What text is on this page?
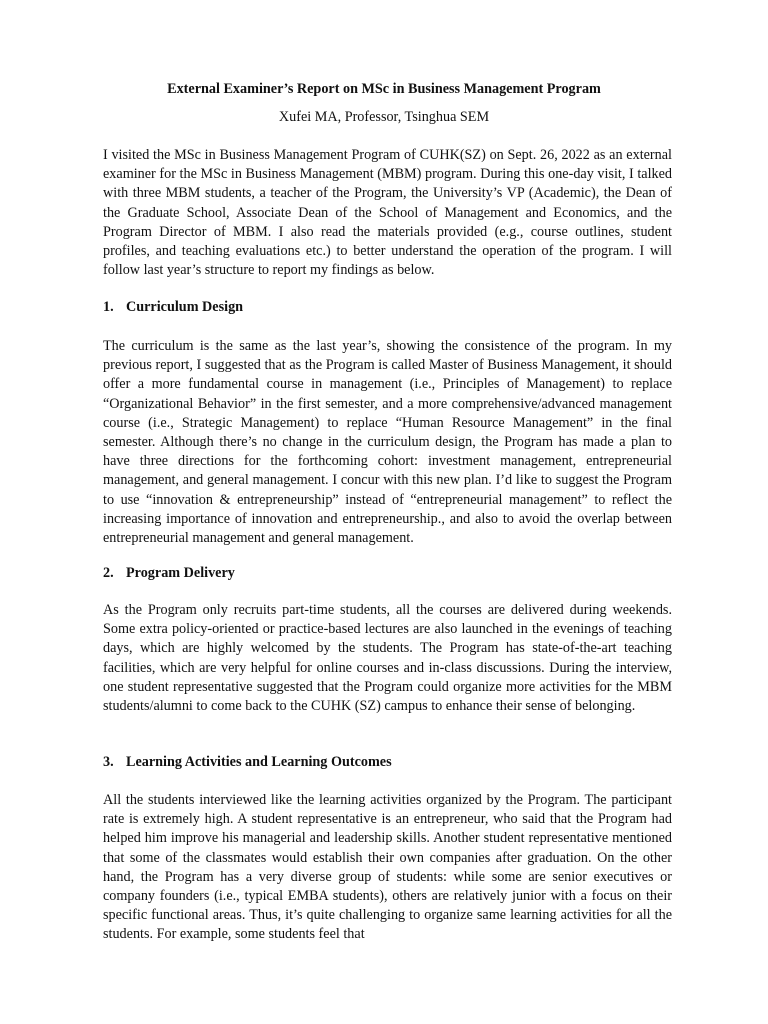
External Examiner’s Report on MSc in Business Management Program

Xufei MA, Professor, Tsinghua SEM

I visited the MSc in Business Management Program of CUHK(SZ) on Sept. 26, 2022 as an external examiner for the MSc in Business Management (MBM) program. During this one-day visit, I talked with three MBM students, a teacher of the Program, the University’s VP (Academic), the Dean of the Graduate School, Associate Dean of the School of Management and Economics, and the Program Director of MBM. I also read the materials provided (e.g., course outlines, student profiles, and teaching evaluations etc.) to better understand the operation of the program. I will follow last year’s structure to report my findings as below.

1. Curriculum Design

The curriculum is the same as the last year’s, showing the consistence of the program. In my previous report, I suggested that as the Program is called Master of Business Management, it should offer a more fundamental course in management (i.e., Principles of Management) to replace “Organizational Behavior” in the first semester, and a more comprehensive/advanced management course (i.e., Strategic Management) to replace “Human Resource Management” in the final semester. Although there’s no change in the curriculum design, the Program has made a plan to have three directions for the forthcoming cohort: investment management, entrepreneurial management, and general management. I concur with this new plan. I’d like to suggest the Program to use “innovation & entrepreneurship” instead of “entrepreneurial management” to reflect the increasing importance of innovation and entrepreneurship., and also to avoid the overlap between entrepreneurial management and general management.

2. Program Delivery

As the Program only recruits part-time students, all the courses are delivered during weekends. Some extra policy-oriented or practice-based lectures are also launched in the evenings of teaching days, which are highly welcomed by the students. The Program has state-of-the-art teaching facilities, which are very helpful for online courses and in-class discussions. During the interview, one student representative suggested that the Program could organize more activities for the MBM students/alumni to come back to the CUHK (SZ) campus to enhance their sense of belonging.

3. Learning Activities and Learning Outcomes

All the students interviewed like the learning activities organized by the Program. The participant rate is extremely high. A student representative is an entrepreneur, who said that the Program had helped him improve his managerial and leadership skills. Another student representative mentioned that some of the classmates would establish their own companies after graduation. On the other hand, the Program has a very diverse group of students: while some are senior executives or company founders (i.e., typical EMBA students), others are relatively junior with a focus on their specific functional areas. Thus, it’s quite challenging to organize same learning activities for all the students. For example, some students feel that
